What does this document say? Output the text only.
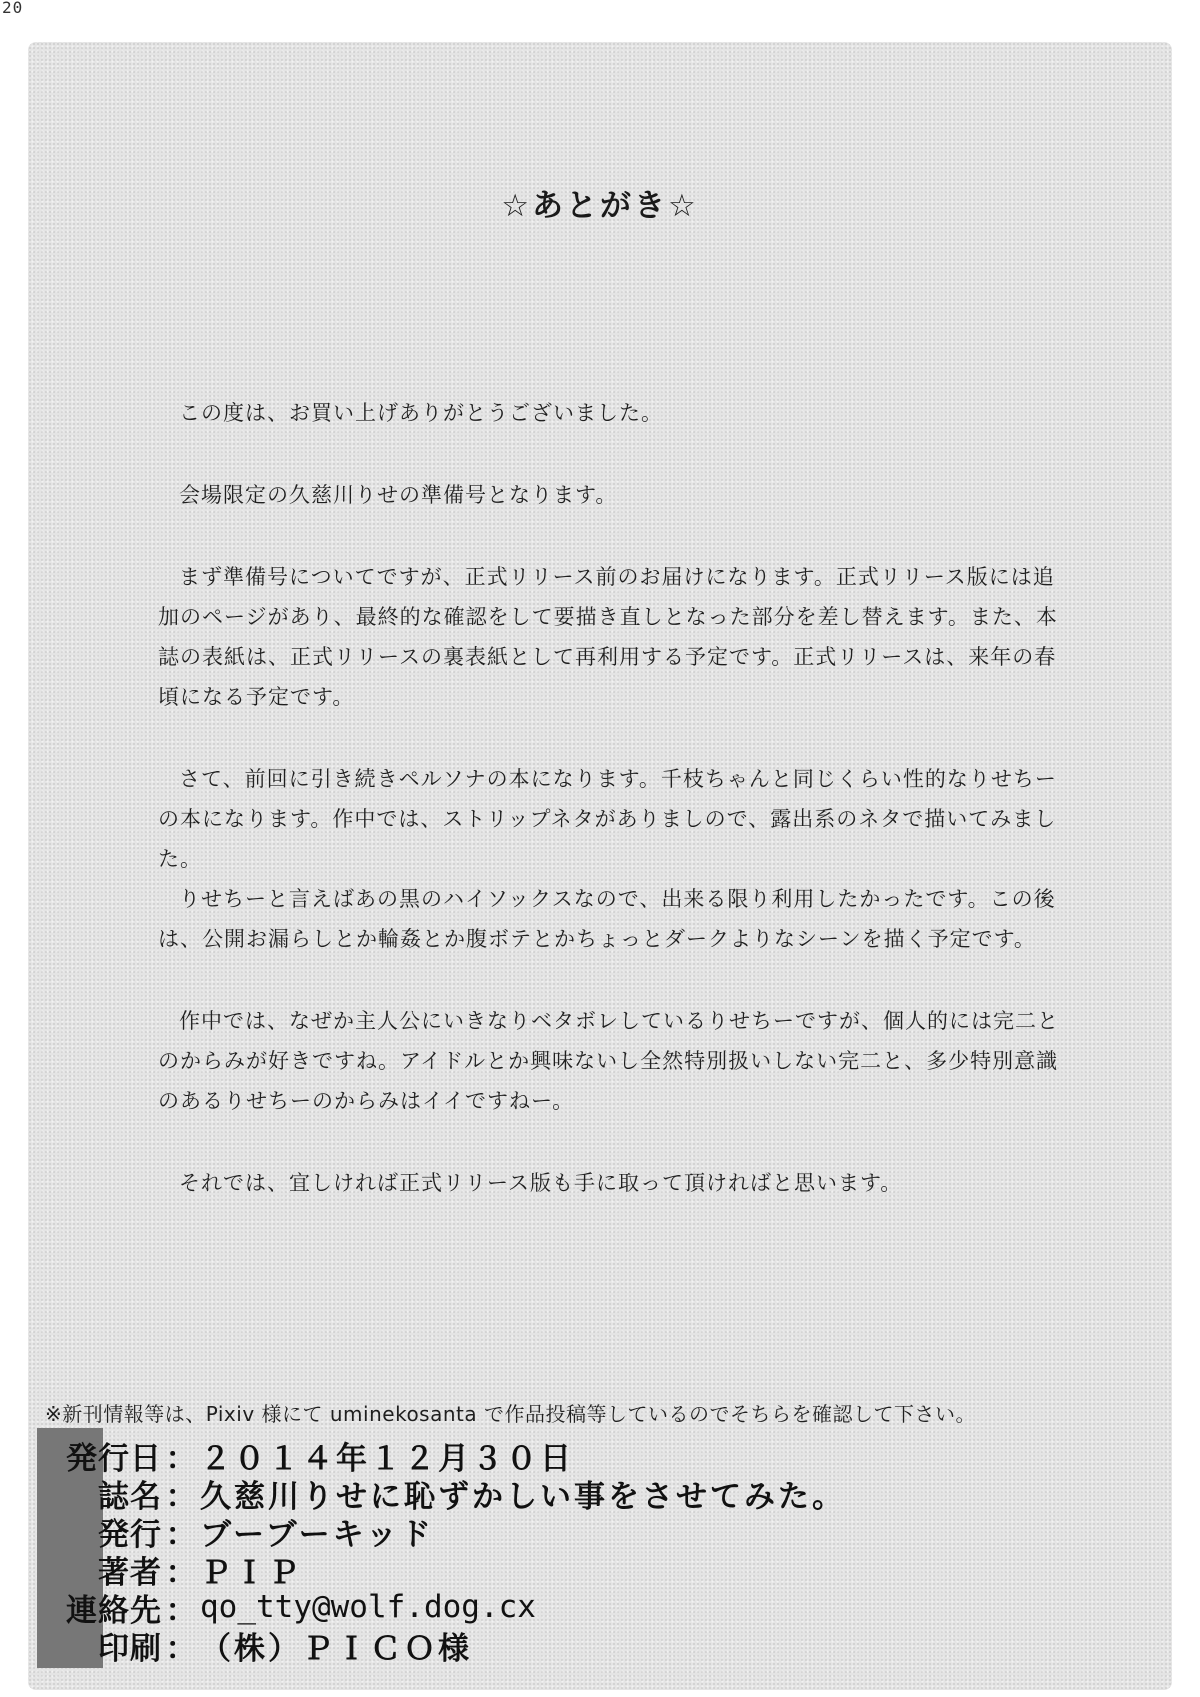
20
☆あとがき☆

この度は、お買い上げありがとうございました。

会場限定の久慈川りせの準備号となります。

まず準備号についてですが、正式リリース前のお届けになります。正式リリース版には追加のページがあり、最終的な確認をして要描き直しとなった部分を差し替えます。また、本誌の表紙は、正式リリースの裏表紙として再利用する予定です。正式リリースは、来年の春頃になる予定です。

さて、前回に引き続きペルソナの本になります。千枝ちゃんと同じくらい性的なりせちーの本になります。作中では、ストリップネタがありましので、露出系のネタで描いてみました。

りせちーと言えばあの黒のハイソックスなので、出来る限り利用したかったです。この後は、公開お漏らしとか輪姦とか腹ボテとかちょっとダークよりなシーンを描く予定です。

作中では、なぜか主人公にいきなりベタボレしているりせちーですが、個人的には完二とのからみが好きですね。アイドルとか興味ないし全然特別扱いしない完二と、多少特別意識のあるりせちーのからみはイイですねー。

それでは、宜しければ正式リリース版も手に取って頂ければと思います。

※新刊情報等は、Pixiv 様にて uminekosanta で作品投稿等しているのでそちらを確認して下さい。
発行日 ： ２０１４年１２月３０日
誌名 ： 久慈川りせに恥ずかしい事をさせてみた。
発行 ： ブーブーキッド
著者 ： ＰＩＰ
連絡先 ： qo_tty@wolf.dog.cx
印刷 ： （株）ＰＩＣＯ様
